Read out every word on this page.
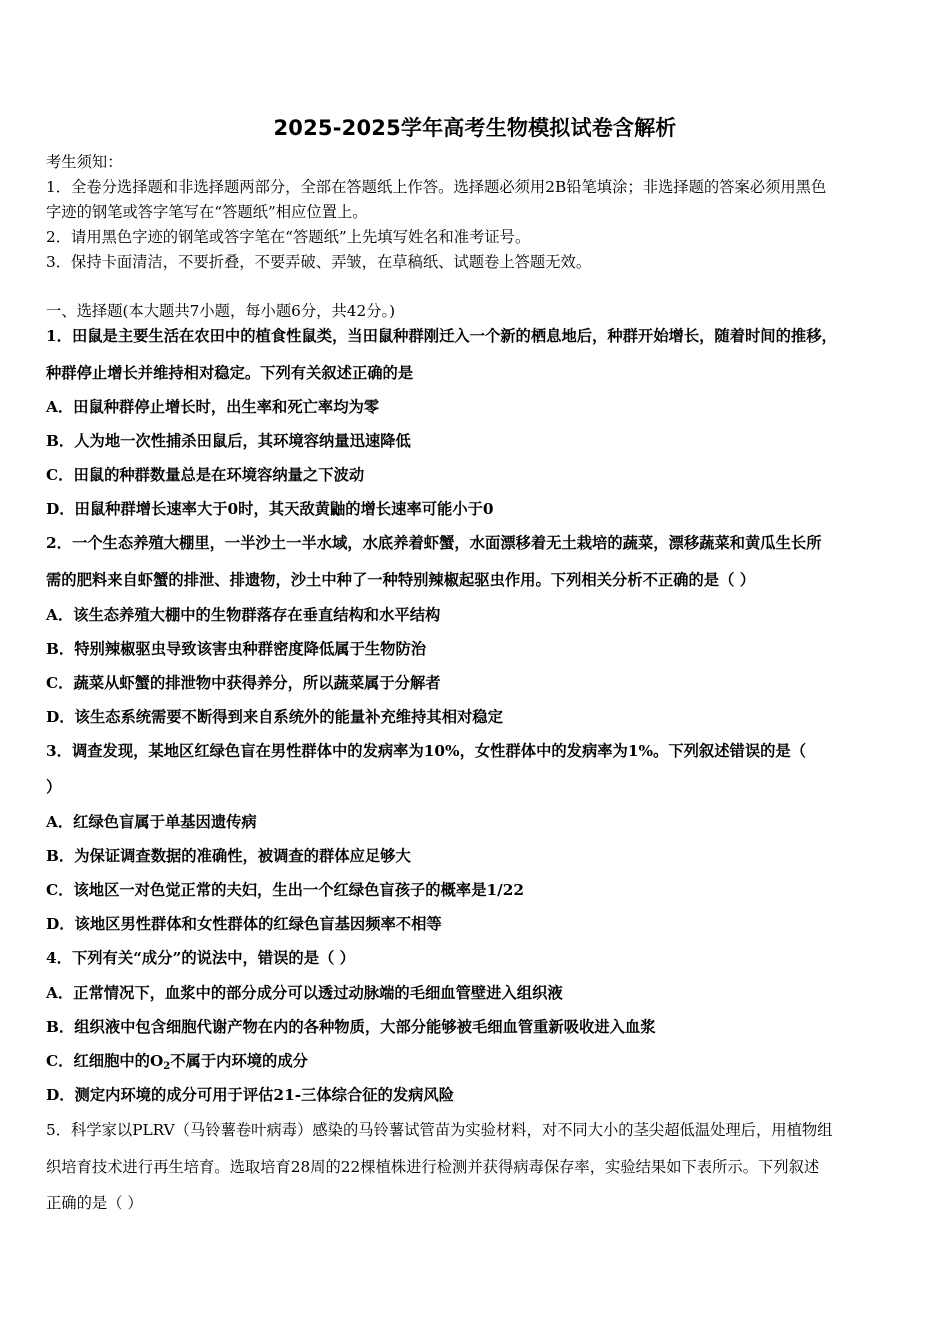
2025-2025学年高考生物模拟试卷含解析
考生须知：
1．全卷分选择题和非选择题两部分，全部在答题纸上作答。选择题必须用2B铅笔填涂；非选择题的答案必须用黑色
字迹的钢笔或答字笔写在“答题纸”相应位置上。
2．请用黑色字迹的钢笔或答字笔在“答题纸”上先填写姓名和准考证号。
3．保持卡面清洁，不要折叠，不要弄破、弄皱，在草稿纸、试题卷上答题无效。
一、选择题(本大题共7小题，每小题6分，共42分。)
1．田鼠是主要生活在农田中的植食性鼠类，当田鼠种群刚迁入一个新的栖息地后，种群开始增长，随着时间的推移，
种群停止增长并维持相对稳定。下列有关叙述正确的是
A．田鼠种群停止增长时，出生率和死亡率均为零
B．人为地一次性捕杀田鼠后，其环境容纳量迅速降低
C．田鼠的种群数量总是在环境容纳量之下波动
D．田鼠种群增长速率大于0时，其天敌黄鼬的增长速率可能小于0
2．一个生态养殖大棚里，一半沙土一半水域，水底养着虾蟹，水面漂移着无土栽培的蔬菜，漂移蔬菜和黄瓜生长所
需的肥料来自虾蟹的排泄、排遗物，沙土中种了一种特别辣椒起驱虫作用。下列相关分析不正确的是（ ）
A．该生态养殖大棚中的生物群落存在垂直结构和水平结构
B．特别辣椒驱虫导致该害虫种群密度降低属于生物防治
C．蔬菜从虾蟹的排泄物中获得养分，所以蔬菜属于分解者
D．该生态系统需要不断得到来自系统外的能量补充维持其相对稳定
3．调查发现，某地区红绿色盲在男性群体中的发病率为10%，女性群体中的发病率为1%。下列叙述错误的是（
）
A．红绿色盲属于单基因遗传病
B．为保证调查数据的准确性，被调查的群体应足够大
C．该地区一对色觉正常的夫妇，生出一个红绿色盲孩子的概率是1/22
D．该地区男性群体和女性群体的红绿色盲基因频率不相等
4．下列有关“成分”的说法中，错误的是（ ）
A．正常情况下，血浆中的部分成分可以透过动脉端的毛细血管壁进入组织液
B．组织液中包含细胞代谢产物在内的各种物质，大部分能够被毛细血管重新吸收进入血浆
C．红细胞中的$O_2$不属于内环境的成分
D．测定内环境的成分可用于评估21-三体综合征的发病风险
5．科学家以PLRV（马铃薯卷叶病毒）感染的马铃薯试管苗为实验材料，对不同大小的茎尖超低温处理后，用植物组
织培育技术进行再生培育。选取培育28周的22棵植株进行检测并获得病毒保存率，实验结果如下表所示。下列叙述
正确的是（ ）
